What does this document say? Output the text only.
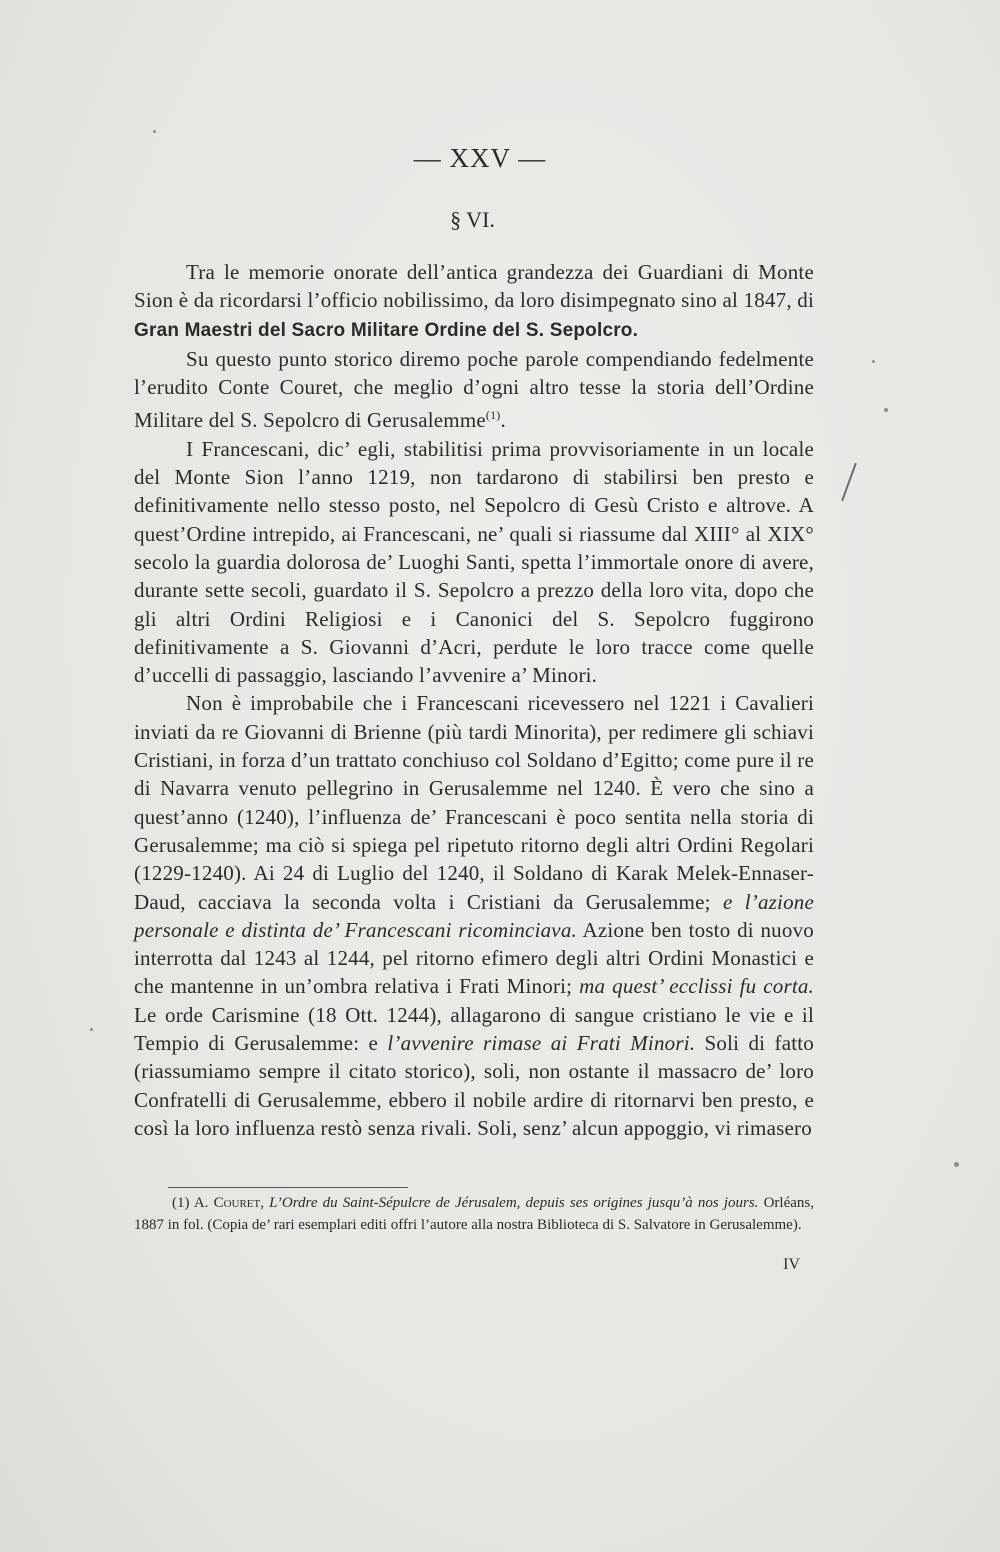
— XXV —
§ VI.

Tra le memorie onorate dell’antica grandezza dei Guardiani di Monte Sion è da ricordarsi l’officio nobilissimo, da loro disimpegnato sino al 1847, di Gran Maestri del Sacro Militare Ordine del S. Sepolcro.

Su questo punto storico diremo poche parole compendiando fedelmente l’erudito Conte Couret, che meglio d’ogni altro tesse la storia dell’Ordine Militare del S. Sepolcro di Gerusalemme$^{(1)}$.

I Francescani, dic’ egli, stabilitisi prima provvisoriamente in un locale del Monte Sion l’anno 1219, non tardarono di stabilirsi ben presto e definitivamente nello stesso posto, nel Sepolcro di Gesù Cristo e altrove. A quest’Ordine intrepido, ai Francescani, ne’ quali si riassume dal XIII° al XIX° secolo la guardia dolorosa de’ Luoghi Santi, spetta l’immortale onore di avere, durante sette secoli, guardato il S. Sepolcro a prezzo della loro vita, dopo che gli altri Ordini Religiosi e i Canonici del S. Sepolcro fuggirono definitivamente a S. Giovanni d’Acri, perdute le loro tracce come quelle d’uccelli di passaggio, lasciando l’avvenire a’ Minori.

Non è improbabile che i Francescani ricevessero nel 1221 i Cavalieri inviati da re Giovanni di Brienne (più tardi Minorita), per redimere gli schiavi Cristiani, in forza d’un trattato conchiuso col Soldano d’Egitto; come pure il re di Navarra venuto pellegrino in Gerusalemme nel 1240. È vero che sino a quest’anno (1240), l’influenza de’ Francescani è poco sentita nella storia di Gerusalemme; ma ciò si spiega pel ripetuto ritorno degli altri Ordini Regolari (1229-1240). Ai 24 di Luglio del 1240, il Soldano di Karak Melek-Ennaser-Daud, cacciava la seconda volta i Cristiani da Gerusalemme; e l’azione personale e distinta de’ Francescani ricominciava. Azione ben tosto di nuovo interrotta dal 1243 al 1244, pel ritorno efimero degli altri Ordini Monastici e che mantenne in un’ombra relativa i Frati Minori; ma quest’ ecclissi fu corta. Le orde Carismine (18 Ott. 1244), allagarono di sangue cristiano le vie e il Tempio di Gerusalemme: e l’avvenire rimase ai Frati Minori. Soli di fatto (riassumiamo sempre il citato storico), soli, non ostante il massacro de’ loro Confratelli di Gerusalemme, ebbero il nobile ardire di ritornarvi ben presto, e così la loro influenza restò senza rivali. Soli, senz’ alcun appoggio, vi rimasero

(1) A. Couret, L’Ordre du Saint-Sépulcre de Jérusalem, depuis ses origines jusqu’à nos jours. Orléans, 1887 in fol. (Copia de’ rari esemplari editi offri l’autore alla nostra Biblioteca di S. Salvatore in Gerusalemme).

IV
